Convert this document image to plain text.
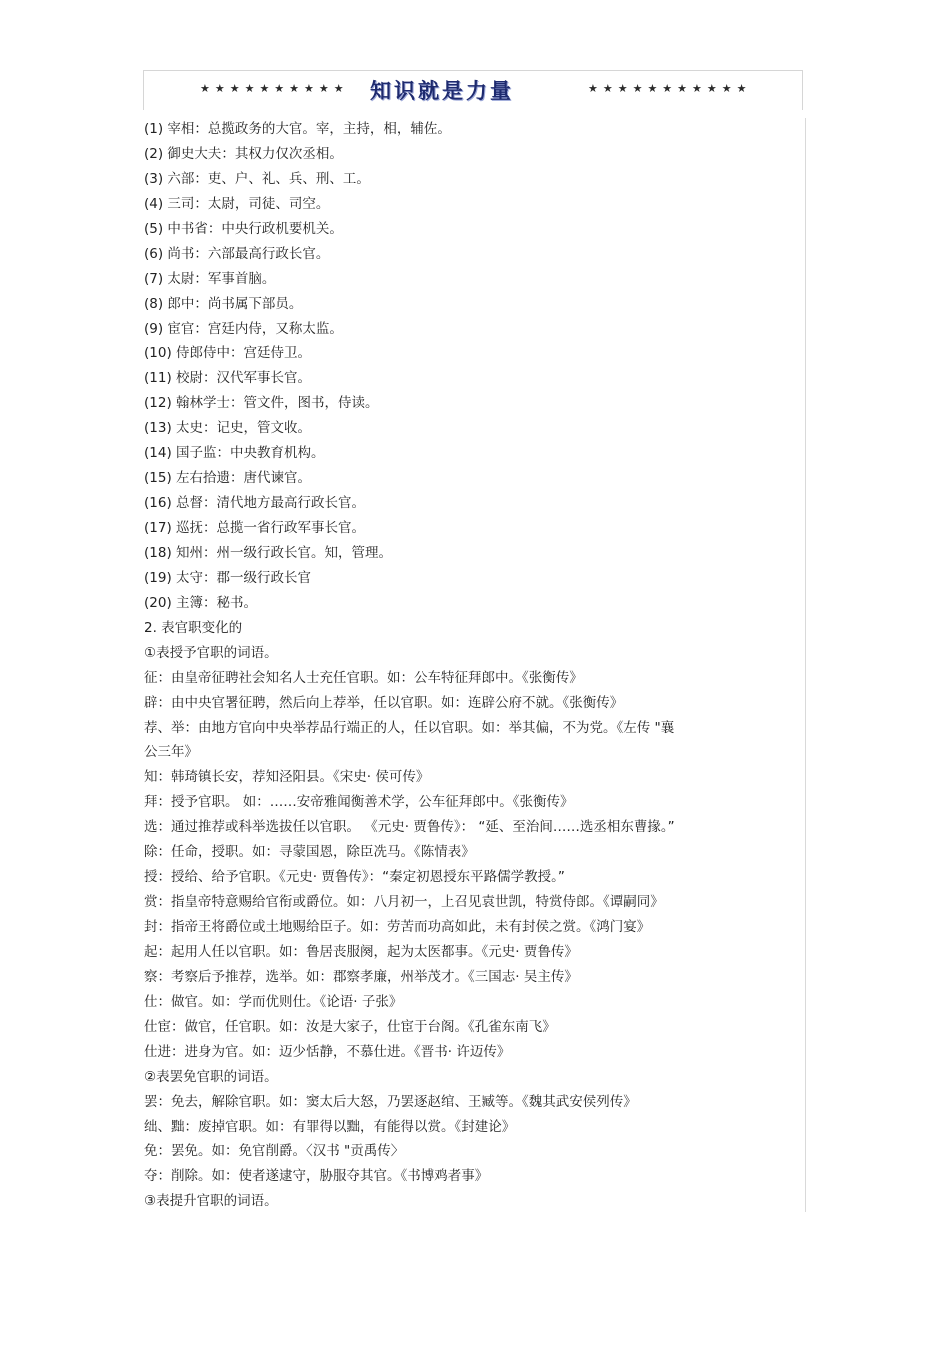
★★★★★★★★★★ 知识就是力量	★★★★★★★★★★★
(1) 宰相：总揽政务的大官。宰，主持，相，辅佐。
(2) 御史大夫：其权力仅次丞相。
(3) 六部：吏、户、礼、兵、刑、工。
(4) 三司：太尉，司徒、司空。
(5) 中书省：中央行政机要机关。
(6) 尚书：六部最高行政长官。
(7) 太尉：军事首脑。
(8) 郎中：尚书属下部员。
(9) 宦官：宫廷内侍，又称太监。
(10) 侍郎侍中：宫廷侍卫。
(11) 校尉：汉代军事长官。
(12) 翰林学士：管文件，图书，侍读。
(13) 太史：记史，管文收。
(14) 国子监：中央教育机构。
(15) 左右拾遗：唐代谏官。
(16) 总督：清代地方最高行政长官。
(17) 巡抚：总揽一省行政军事长官。
(18) 知州：州一级行政长官。知，管理。
(19) 太守：郡一级行政长官
(20) 主簿：秘书。
2. 表官职变化的
①表授予官职的词语。
征：由皇帝征聘社会知名人士充任官职。如：公车特征拜郎中。《张衡传》
辟：由中央官署征聘，然后向上荐举，任以官职。如：连辟公府不就。《张衡传》
荐、举：由地方官向中央举荐品行端正的人，任以官职。如：举其偏，不为党。《左传 "襄
公三年》
知：韩琦镇长安，荐知泾阳县。《宋史· 侯可传》
拜：授予官职。 如：……安帝雅闻衡善术学，公车征拜郎中。《张衡传》
选：通过推荐或科举选拔任以官职。 《元史· 贾鲁传》： “延、至治间……选丞相东曹掾。”
除：任命，授职。如：寻蒙国恩，除臣冼马。《陈情表》
授：授给、给予官职。《元史· 贾鲁传》：“秦定初恩授东平路儒学教授。”
赏：指皇帝特意赐给官衔或爵位。如：八月初一，上召见袁世凯，特赏侍郎。《谭嗣同》
封：指帝王将爵位或土地赐给臣子。如：劳苦而功高如此，未有封侯之赏。《鸿门宴》
起：起用人任以官职。如：鲁居丧服阕，起为太医都事。《元史· 贾鲁传》
察：考察后予推荐，选举。如：郡察孝廉，州举茂才。《三国志· 吴主传》
仕：做官。如：学而优则仕。《论语· 子张》
仕宦：做官，任官职。如：汝是大家子，仕宦于台阁。《孔雀东南飞》
仕进：进身为官。如：迈少恬静，不慕仕进。《晋书· 许迈传》
②表罢免官职的词语。
罢：免去，解除官职。如：窦太后大怒，乃罢逐赵绾、王臧等。《魏其武安侯列传》
绌、黜：废掉官职。如：有罪得以黜，有能得以赏。《封建论》
免：罢免。如：免官削爵。〈汉书 "贡禹传〉
夺：削除。如：使者遂逮守，胁服夺其官。《书博鸡者事》
③表提升官职的词语。
